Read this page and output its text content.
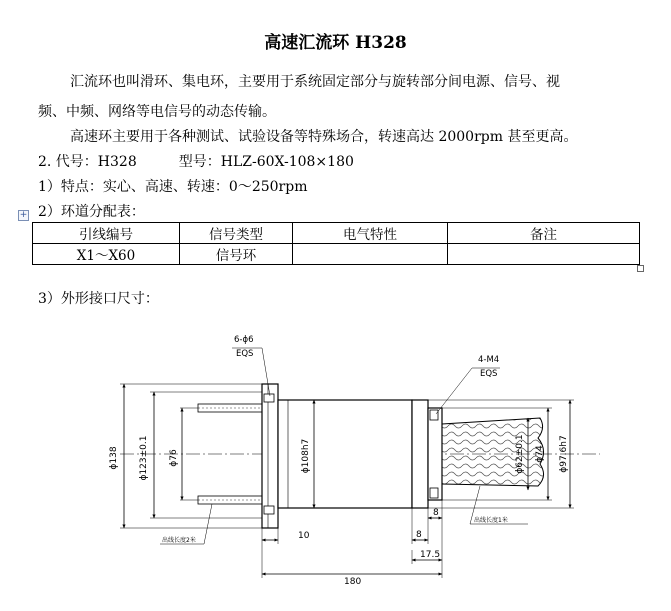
高速汇流环 H328
汇流环也叫滑环、集电环，主要用于系统固定部分与旋转部分间电源、信号、视
频、中频、网络等电信号的动态传输。
高速环主要用于各种测试、试验设备等特殊场合，转速高达 2000rpm 甚至更高。
2. 代号：H328　　　型号：HLZ-60X-108×180
1）特点：实心、高速、转速：0～250rpm
+ 2）环道分配表：
引线编号	信号类型	电气特性	备注
X1～X60	信号环		
3）外形接口尺寸：
ϕ138 ϕ123±0.1 ϕ76	ϕ108h7	ϕ62±0.1 ϕ74 ϕ97.6h7
10
8
8
17.5
180
6-ϕ6
EQS
4-M4
EQS
出线长度2米
出线长度1米
